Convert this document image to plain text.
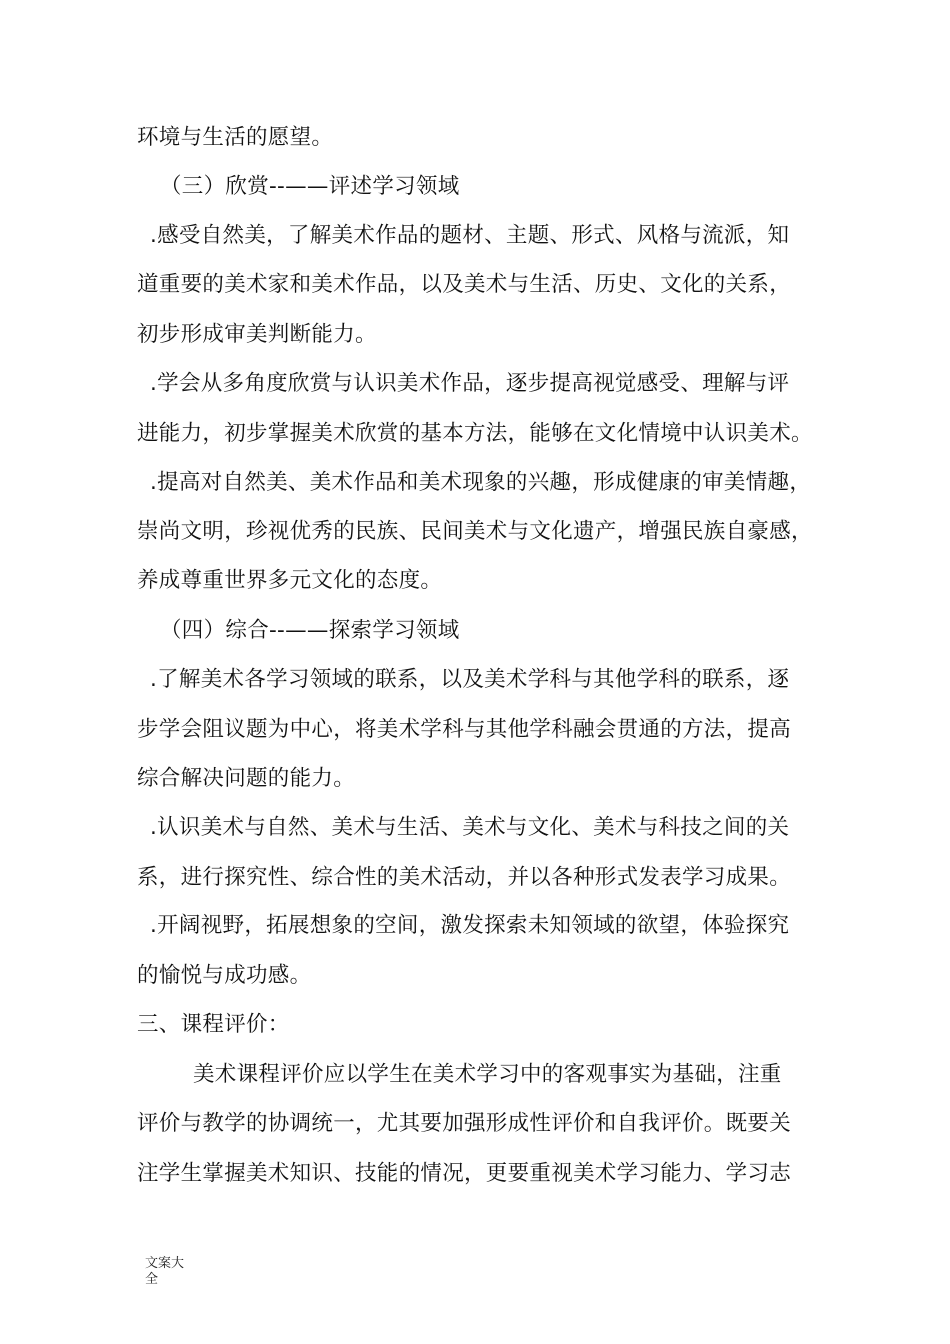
环境与生活的愿望。
（三）欣赏--——评述学习领域
.感受自然美，了解美术作品的题材、主题、形式、风格与流派，知
道重要的美术家和美术作品，以及美术与生活、历史、文化的关系，
初步形成审美判断能力。
.学会从多角度欣赏与认识美术作品，逐步提高视觉感受、理解与评
进能力，初步掌握美术欣赏的基本方法，能够在文化情境中认识美术。
.提高对自然美、美术作品和美术现象的兴趣，形成健康的审美情趣，
崇尚文明，珍视优秀的民族、民间美术与文化遗产，增强民族自豪感，
养成尊重世界多元文化的态度。
（四）综合--——探索学习领域
.了解美术各学习领域的联系，以及美术学科与其他学科的联系，逐
步学会阻议题为中心，将美术学科与其他学科融会贯通的方法，提高
综合解决问题的能力。
.认识美术与自然、美术与生活、美术与文化、美术与科技之间的关
系，进行探究性、综合性的美术活动，并以各种形式发表学习成果。
.开阔视野，拓展想象的空间，激发探索未知领域的欲望，体验探究
的愉悦与成功感。
三、课程评价：
美术课程评价应以学生在美术学习中的客观事实为基础，注重
评价与教学的协调统一，尤其要加强形成性评价和自我评价。既要关
注学生掌握美术知识、技能的情况，更要重视美术学习能力、学习志
文案大全
